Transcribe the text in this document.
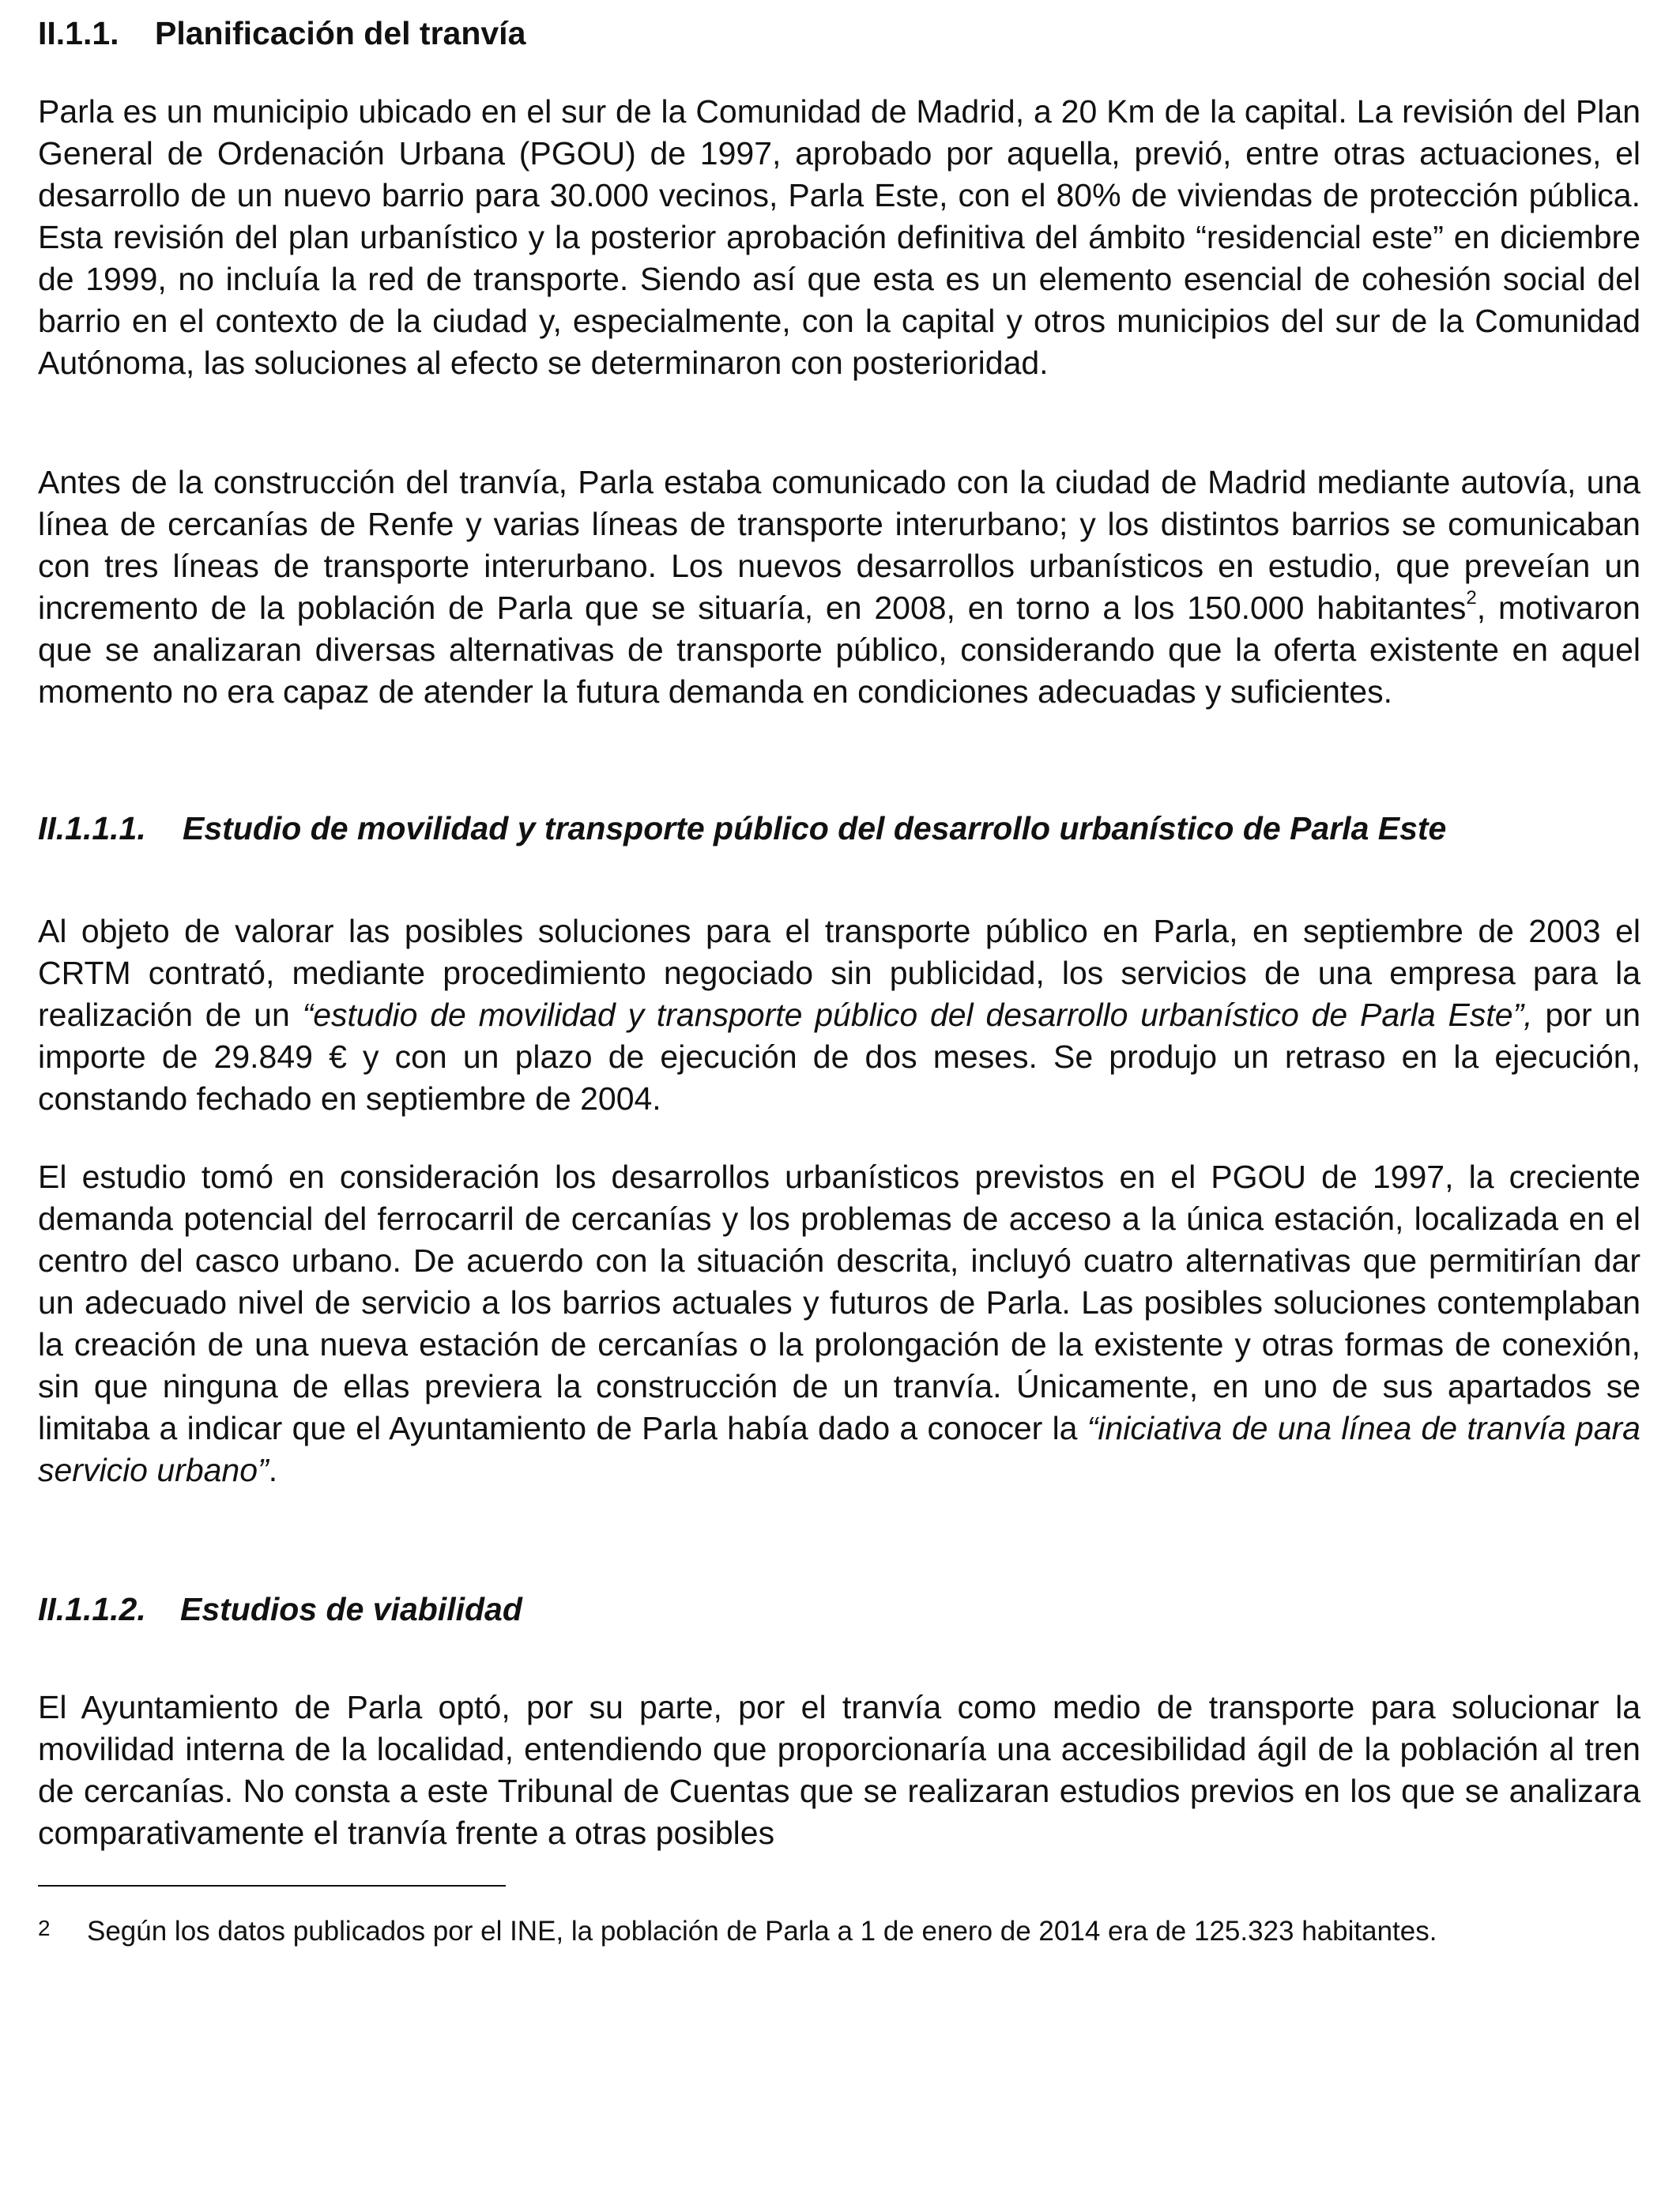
II.1.1. Planificación del tranvía

Parla es un municipio ubicado en el sur de la Comunidad de Madrid, a 20 Km de la capital. La revisión del Plan General de Ordenación Urbana (PGOU) de 1997, aprobado por aquella, previó, entre otras actuaciones, el desarrollo de un nuevo barrio para 30.000 vecinos, Parla Este, con el 80% de viviendas de protección pública. Esta revisión del plan urbanístico y la posterior aprobación definitiva del ámbito “residencial este” en diciembre de 1999, no incluía la red de transporte. Siendo así que esta es un elemento esencial de cohesión social del barrio en el contexto de la ciudad y, especialmente, con la capital y otros municipios del sur de la Comunidad Autónoma, las soluciones al efecto se determinaron con posterioridad.

Antes de la construcción del tranvía, Parla estaba comunicado con la ciudad de Madrid mediante autovía, una línea de cercanías de Renfe y varias líneas de transporte interurbano; y los distintos barrios se comunicaban con tres líneas de transporte interurbano. Los nuevos desarrollos urbanísticos en estudio, que preveían un incremento de la población de Parla que se situaría, en 2008, en torno a los 150.000 habitantes$^2$, motivaron que se analizaran diversas alternativas de transporte público, considerando que la oferta existente en aquel momento no era capaz de atender la futura demanda en condiciones adecuadas y suficientes.

II.1.1.1. Estudio de movilidad y transporte público del desarrollo urbanístico de Parla Este

Al objeto de valorar las posibles soluciones para el transporte público en Parla, en septiembre de 2003 el CRTM contrató, mediante procedimiento negociado sin publicidad, los servicios de una empresa para la realización de un “estudio de movilidad y transporte público del desarrollo urbanístico de Parla Este”, por un importe de 29.849 € y con un plazo de ejecución de dos meses. Se produjo un retraso en la ejecución, constando fechado en septiembre de 2004.

El estudio tomó en consideración los desarrollos urbanísticos previstos en el PGOU de 1997, la creciente demanda potencial del ferrocarril de cercanías y los problemas de acceso a la única estación, localizada en el centro del casco urbano. De acuerdo con la situación descrita, incluyó cuatro alternativas que permitirían dar un adecuado nivel de servicio a los barrios actuales y futuros de Parla. Las posibles soluciones contemplaban la creación de una nueva estación de cercanías o la prolongación de la existente y otras formas de conexión, sin que ninguna de ellas previera la construcción de un tranvía. Únicamente, en uno de sus apartados se limitaba a indicar que el Ayuntamiento de Parla había dado a conocer la “iniciativa de una línea de tranvía para servicio urbano”.

II.1.1.2. Estudios de viabilidad

El Ayuntamiento de Parla optó, por su parte, por el tranvía como medio de transporte para solucionar la movilidad interna de la localidad, entendiendo que proporcionaría una accesibilidad ágil de la población al tren de cercanías. No consta a este Tribunal de Cuentas que se realizaran estudios previos en los que se analizara comparativamente el tranvía frente a otras posibles

2 Según los datos publicados por el INE, la población de Parla a 1 de enero de 2014 era de 125.323 habitantes.
